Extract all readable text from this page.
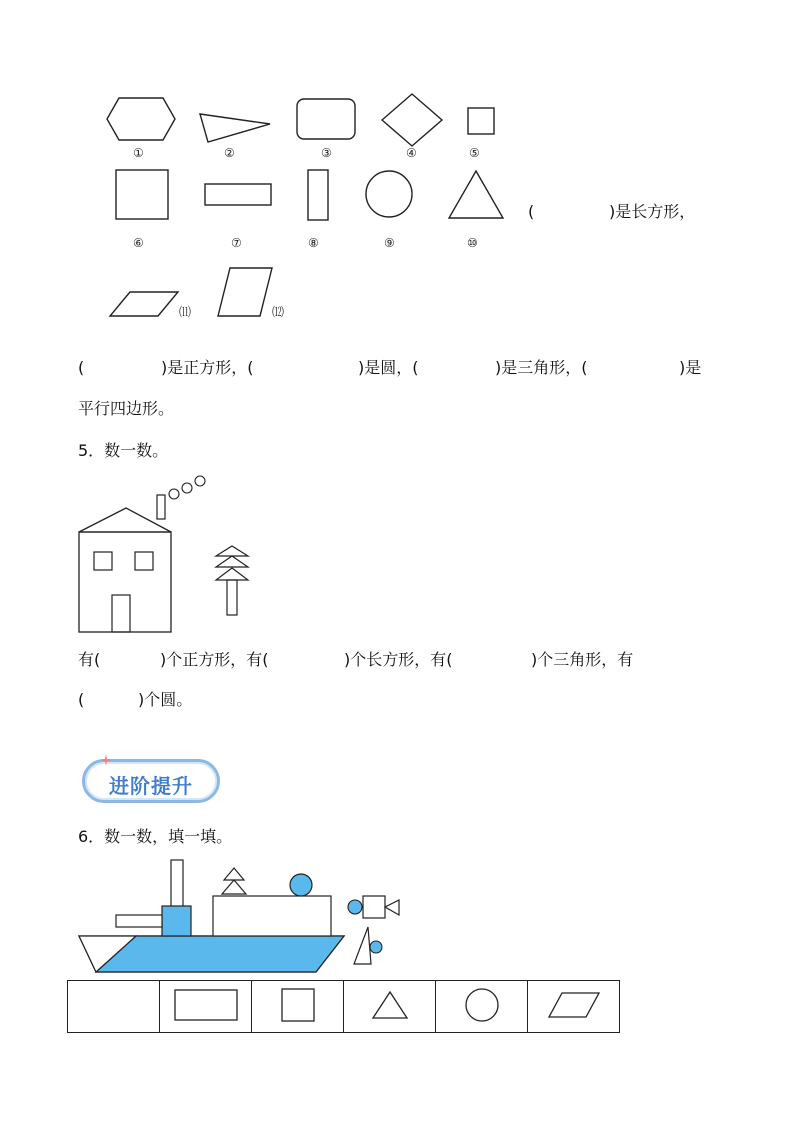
①	②	③	④	⑤
⑥	⑦	⑧	⑨	⑩
⑾	⑿
(	)是长方形，
(	)是正方形，(	)是圆，(	)是三角形，(	)是
平行四边形。
5．数一数。
有(	)个正方形，有(	)个长方形，有(	)个三角形，有
(	)个圆。
进阶提升
6．数一数，填一填。
